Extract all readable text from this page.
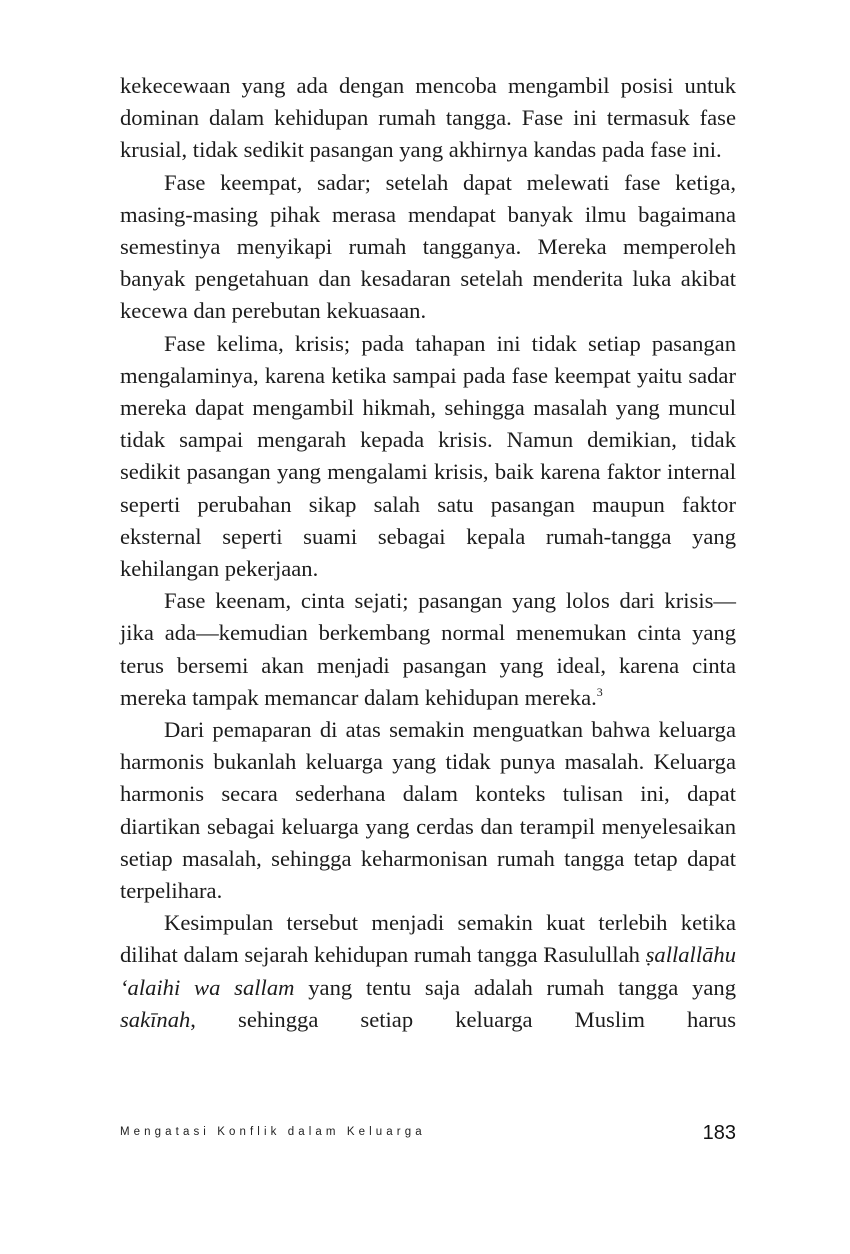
kekecewaan yang ada dengan mencoba mengambil posisi untuk dominan dalam kehidupan rumah tangga. Fase ini termasuk fase krusial, tidak sedikit pasangan yang akhirnya kandas pada fase ini.

Fase keempat, sadar; setelah dapat melewati fase ketiga, masing-masing pihak merasa mendapat banyak ilmu bagaimana semestinya menyikapi rumah tangganya. Mereka memperoleh banyak pengetahuan dan kesadaran setelah menderita luka akibat kecewa dan perebutan kekuasaan.

Fase kelima, krisis; pada tahapan ini tidak setiap pasangan mengalaminya, karena ketika sampai pada fase keempat yaitu sadar mereka dapat mengambil hikmah, sehingga masalah yang muncul tidak sampai mengarah kepada krisis. Namun demikian, tidak sedikit pasangan yang mengalami krisis, baik karena faktor internal seperti perubahan sikap salah satu pasangan maupun faktor eksternal seperti suami sebagai kepala rumah-tangga yang kehilangan pekerjaan.

Fase keenam, cinta sejati; pasangan yang lolos dari krisis—jika ada—kemudian berkembang normal menemukan cinta yang terus bersemi akan menjadi pasangan yang ideal, karena cinta mereka tampak memancar dalam kehidupan mereka.$^3$

Dari pemaparan di atas semakin menguatkan bahwa keluarga harmonis bukanlah keluarga yang tidak punya masalah. Keluarga harmonis secara sederhana dalam konteks tulisan ini, dapat diartikan sebagai keluarga yang cerdas dan terampil menyelesaikan setiap masalah, sehingga keharmonisan rumah tangga tetap dapat terpelihara.

Kesimpulan tersebut menjadi semakin kuat terlebih ketika dilihat dalam sejarah kehidupan rumah tangga Rasulullah ṣallallāhu ‘alaihi wa sallam yang tentu saja adalah rumah tangga yang sakīnah, sehingga setiap keluarga Muslim harus

Mengatasi Konflik dalam Keluarga	183
